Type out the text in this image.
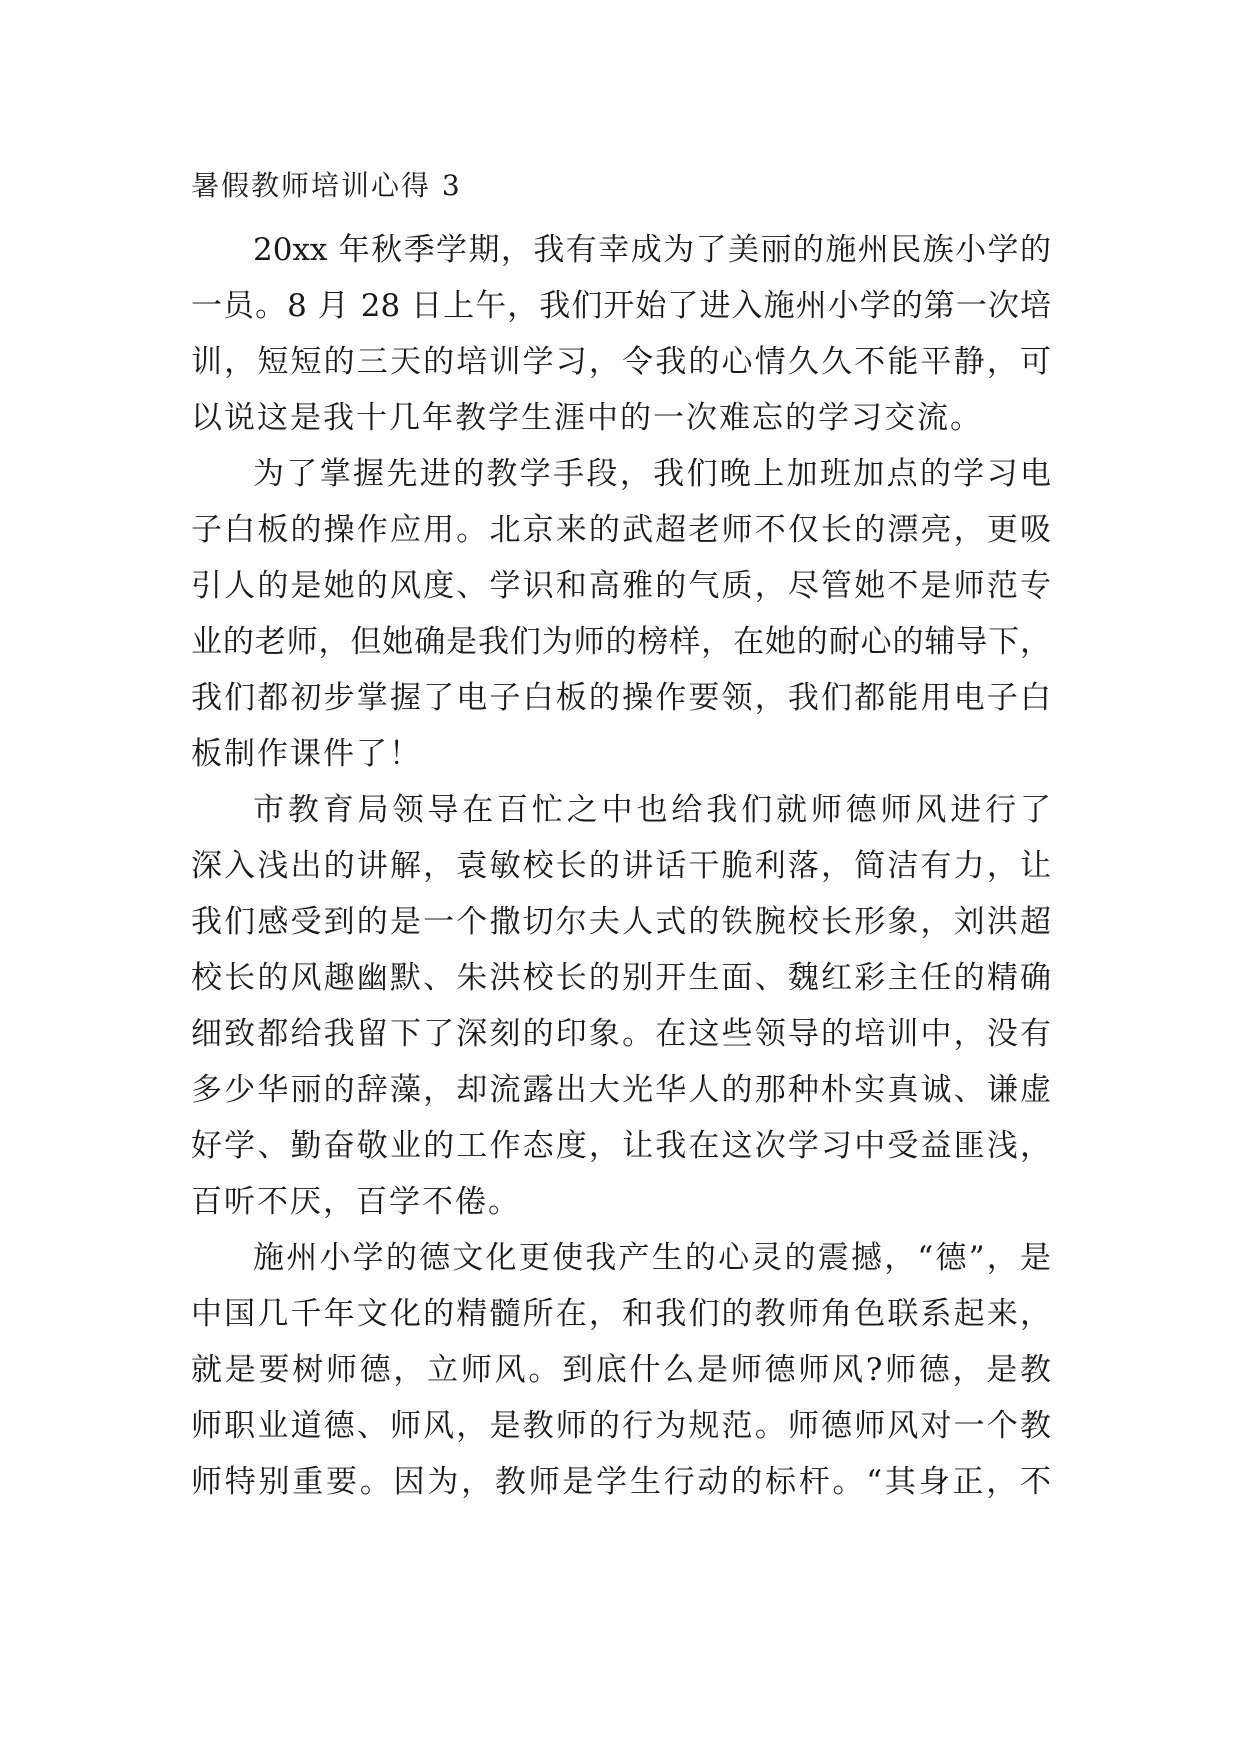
暑假教师培训心得 3
20xx 年秋季学期，我有幸成为了美丽的施州民族小学的
一员。8 月 28 日上午，我们开始了进入施州小学的第一次培
训，短短的三天的培训学习，令我的心情久久不能平静，可
以说这是我十几年教学生涯中的一次难忘的学习交流。
为了掌握先进的教学手段，我们晚上加班加点的学习电
子白板的操作应用。北京来的武超老师不仅长的漂亮，更吸
引人的是她的风度、学识和高雅的气质，尽管她不是师范专
业的老师，但她确是我们为师的榜样，在她的耐心的辅导下，
我们都初步掌握了电子白板的操作要领，我们都能用电子白
板制作课件了！
市教育局领导在百忙之中也给我们就师德师风进行了
深入浅出的讲解，袁敏校长的讲话干脆利落，简洁有力，让
我们感受到的是一个撒切尔夫人式的铁腕校长形象，刘洪超
校长的风趣幽默、朱洪校长的别开生面、魏红彩主任的精确
细致都给我留下了深刻的印象。在这些领导的培训中，没有
多少华丽的辞藻，却流露出大光华人的那种朴实真诚、谦虚
好学、勤奋敬业的工作态度，让我在这次学习中受益匪浅，
百听不厌，百学不倦。
施州小学的德文化更使我产生的心灵的震撼，“德”，是
中国几千年文化的精髓所在，和我们的教师角色联系起来，
就是要树师德，立师风。到底什么是师德师风?师德，是教
师职业道德、师风，是教师的行为规范。师德师风对一个教
师特别重要。因为，教师是学生行动的标杆。“其身正，不
